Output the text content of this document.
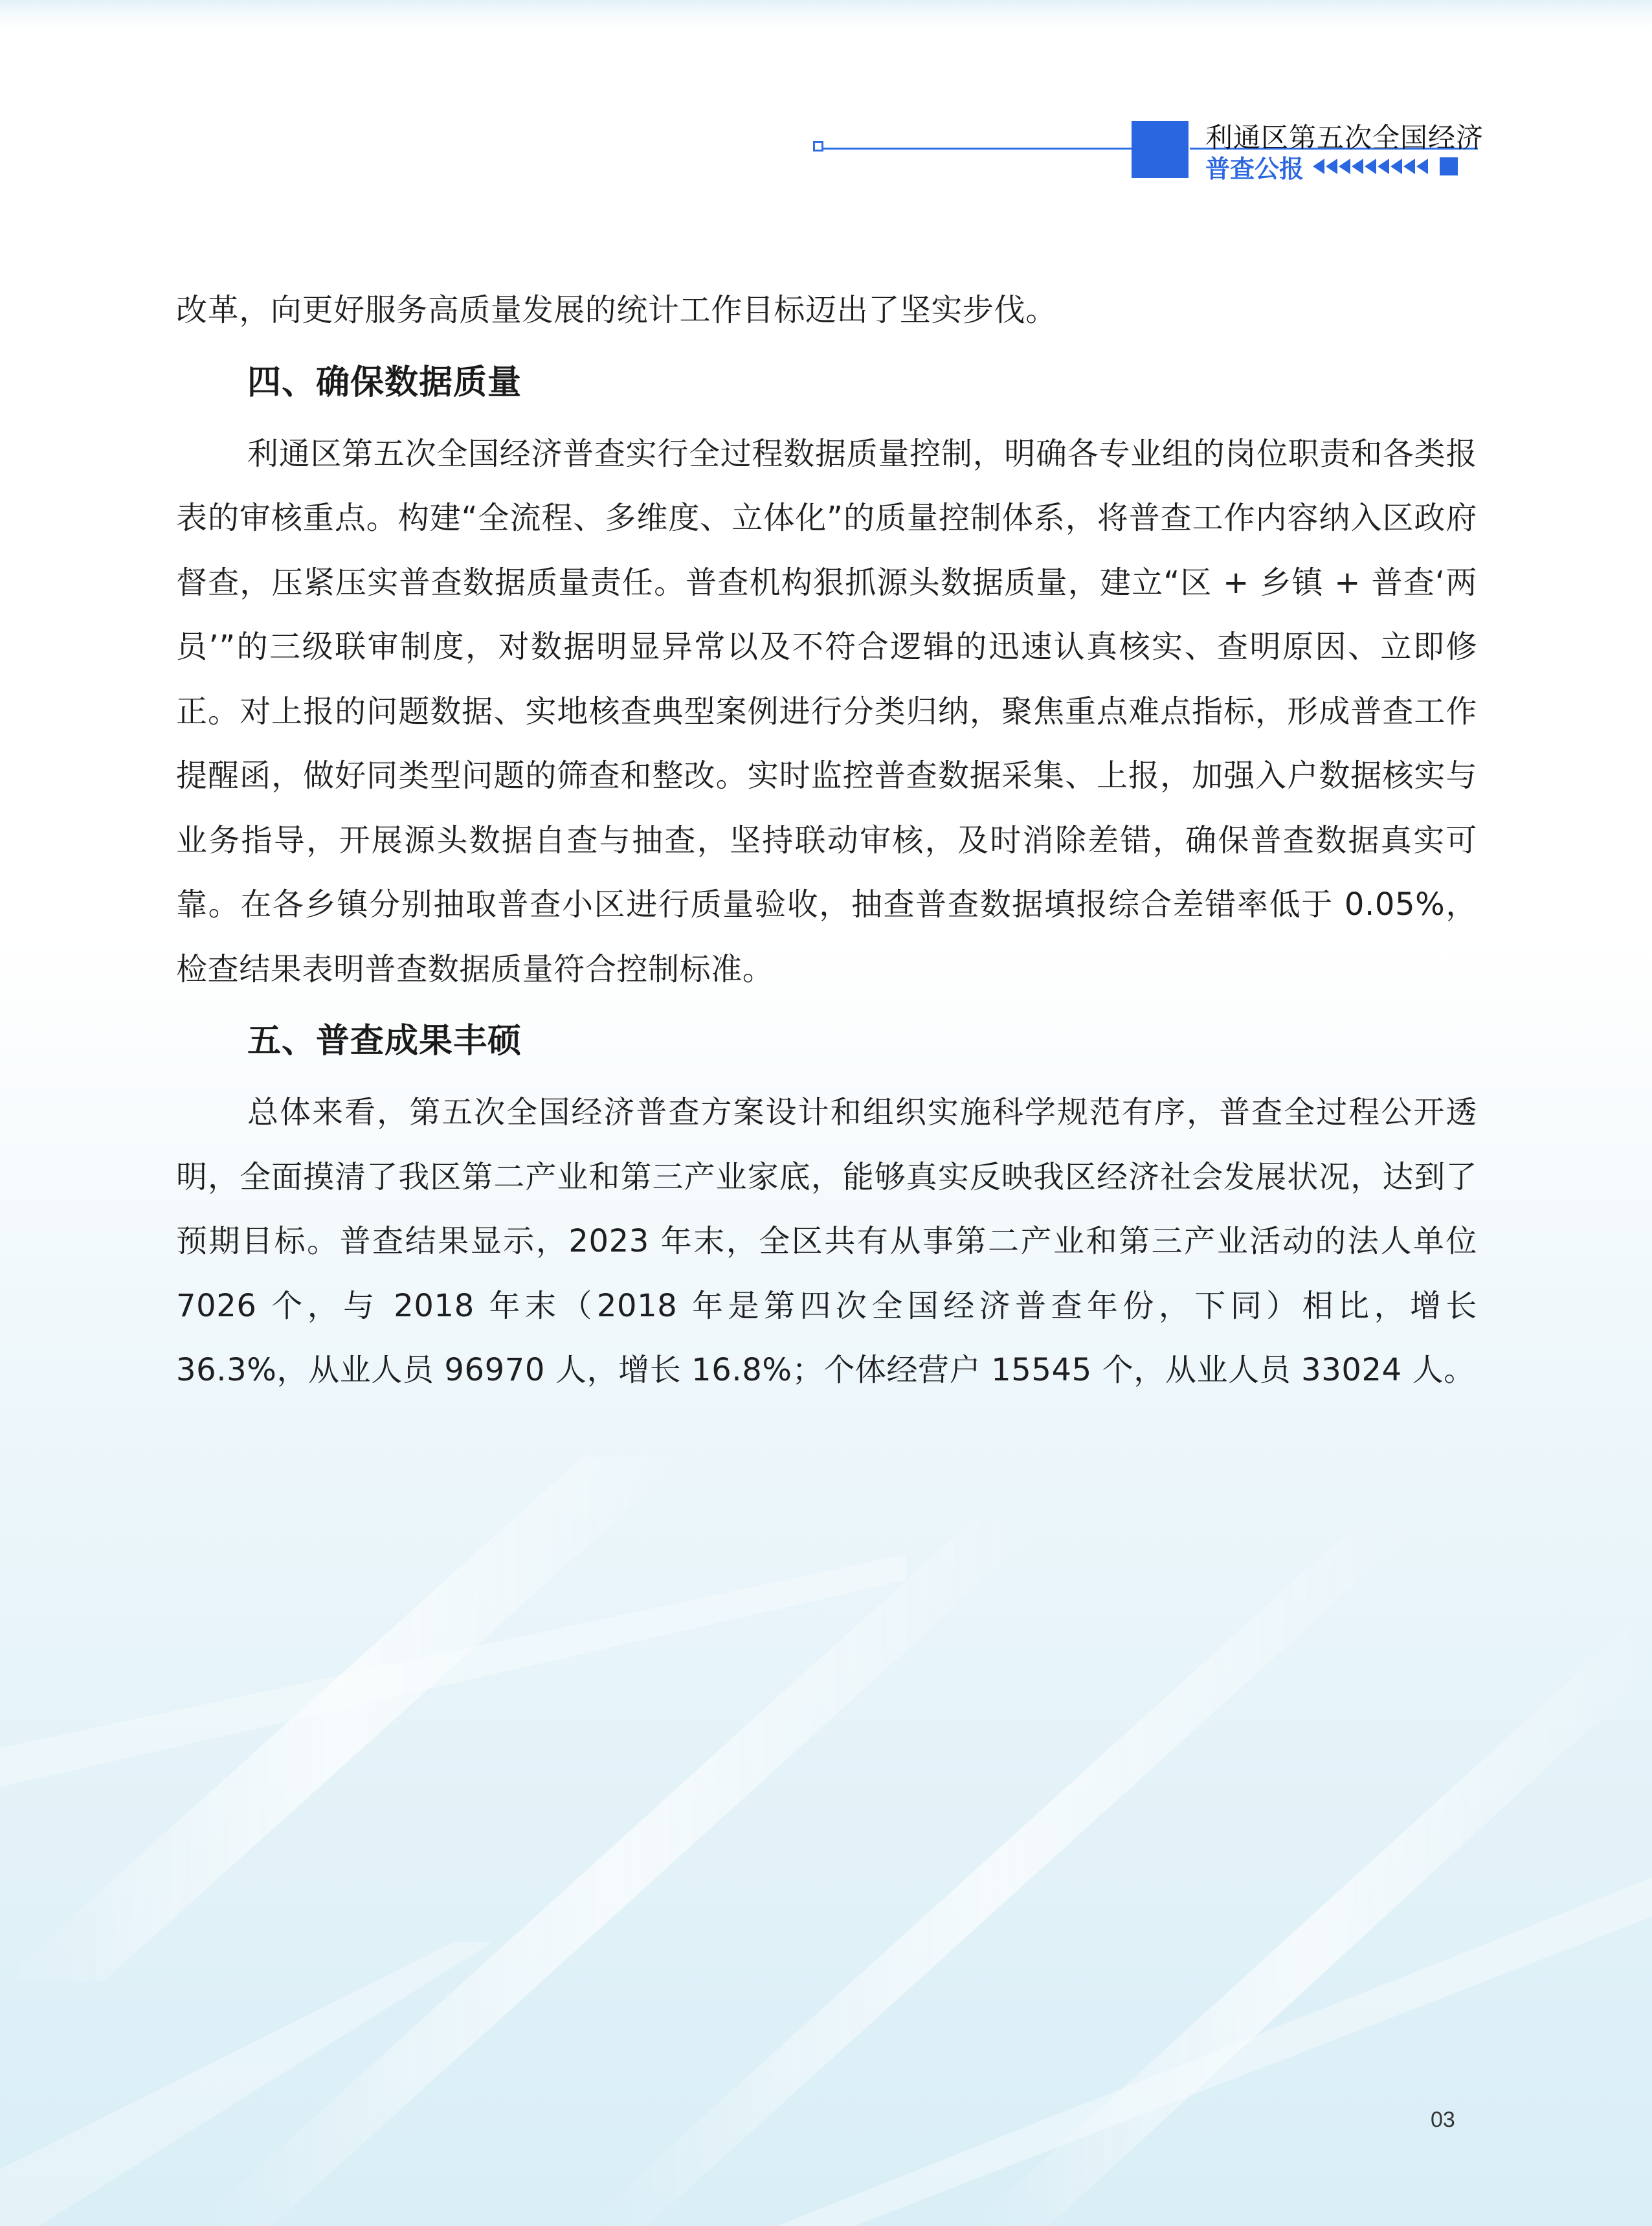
利通区第五次全国经济
普查公报

改革，向更好服务高质量发展的统计工作目标迈出了坚实步伐。

四、确保数据质量

利通区第五次全国经济普查实行全过程数据质量控制，明确各专业组的岗位职责和各类报表的审核重点。构建“全流程、多维度、立体化”的质量控制体系，将普查工作内容纳入区政府督查，压紧压实普查数据质量责任。普查机构狠抓源头数据质量，建立“区 + 乡镇 + 普查‘两员’”的三级联审制度，对数据明显异常以及不符合逻辑的迅速认真核实、查明原因、立即修正。对上报的问题数据、实地核查典型案例进行分类归纳，聚焦重点难点指标，形成普查工作提醒函，做好同类型问题的筛查和整改。实时监控普查数据采集、上报，加强入户数据核实与业务指导，开展源头数据自查与抽查，坚持联动审核，及时消除差错，确保普查数据真实可靠。在各乡镇分别抽取普查小区进行质量验收，抽查普查数据填报综合差错率低于 0.05%，检查结果表明普查数据质量符合控制标准。

五、普查成果丰硕

总体来看，第五次全国经济普查方案设计和组织实施科学规范有序，普查全过程公开透明，全面摸清了我区第二产业和第三产业家底，能够真实反映我区经济社会发展状况，达到了预期目标。普查结果显示，2023 年末，全区共有从事第二产业和第三产业活动的法人单位 7026 个，与 2018 年末（2018 年是第四次全国经济普查年份，下同）相比，增长 36.3%，从业人员 96970 人，增长 16.8%；个体经营户 15545 个，从业人员 33024 人。

03
